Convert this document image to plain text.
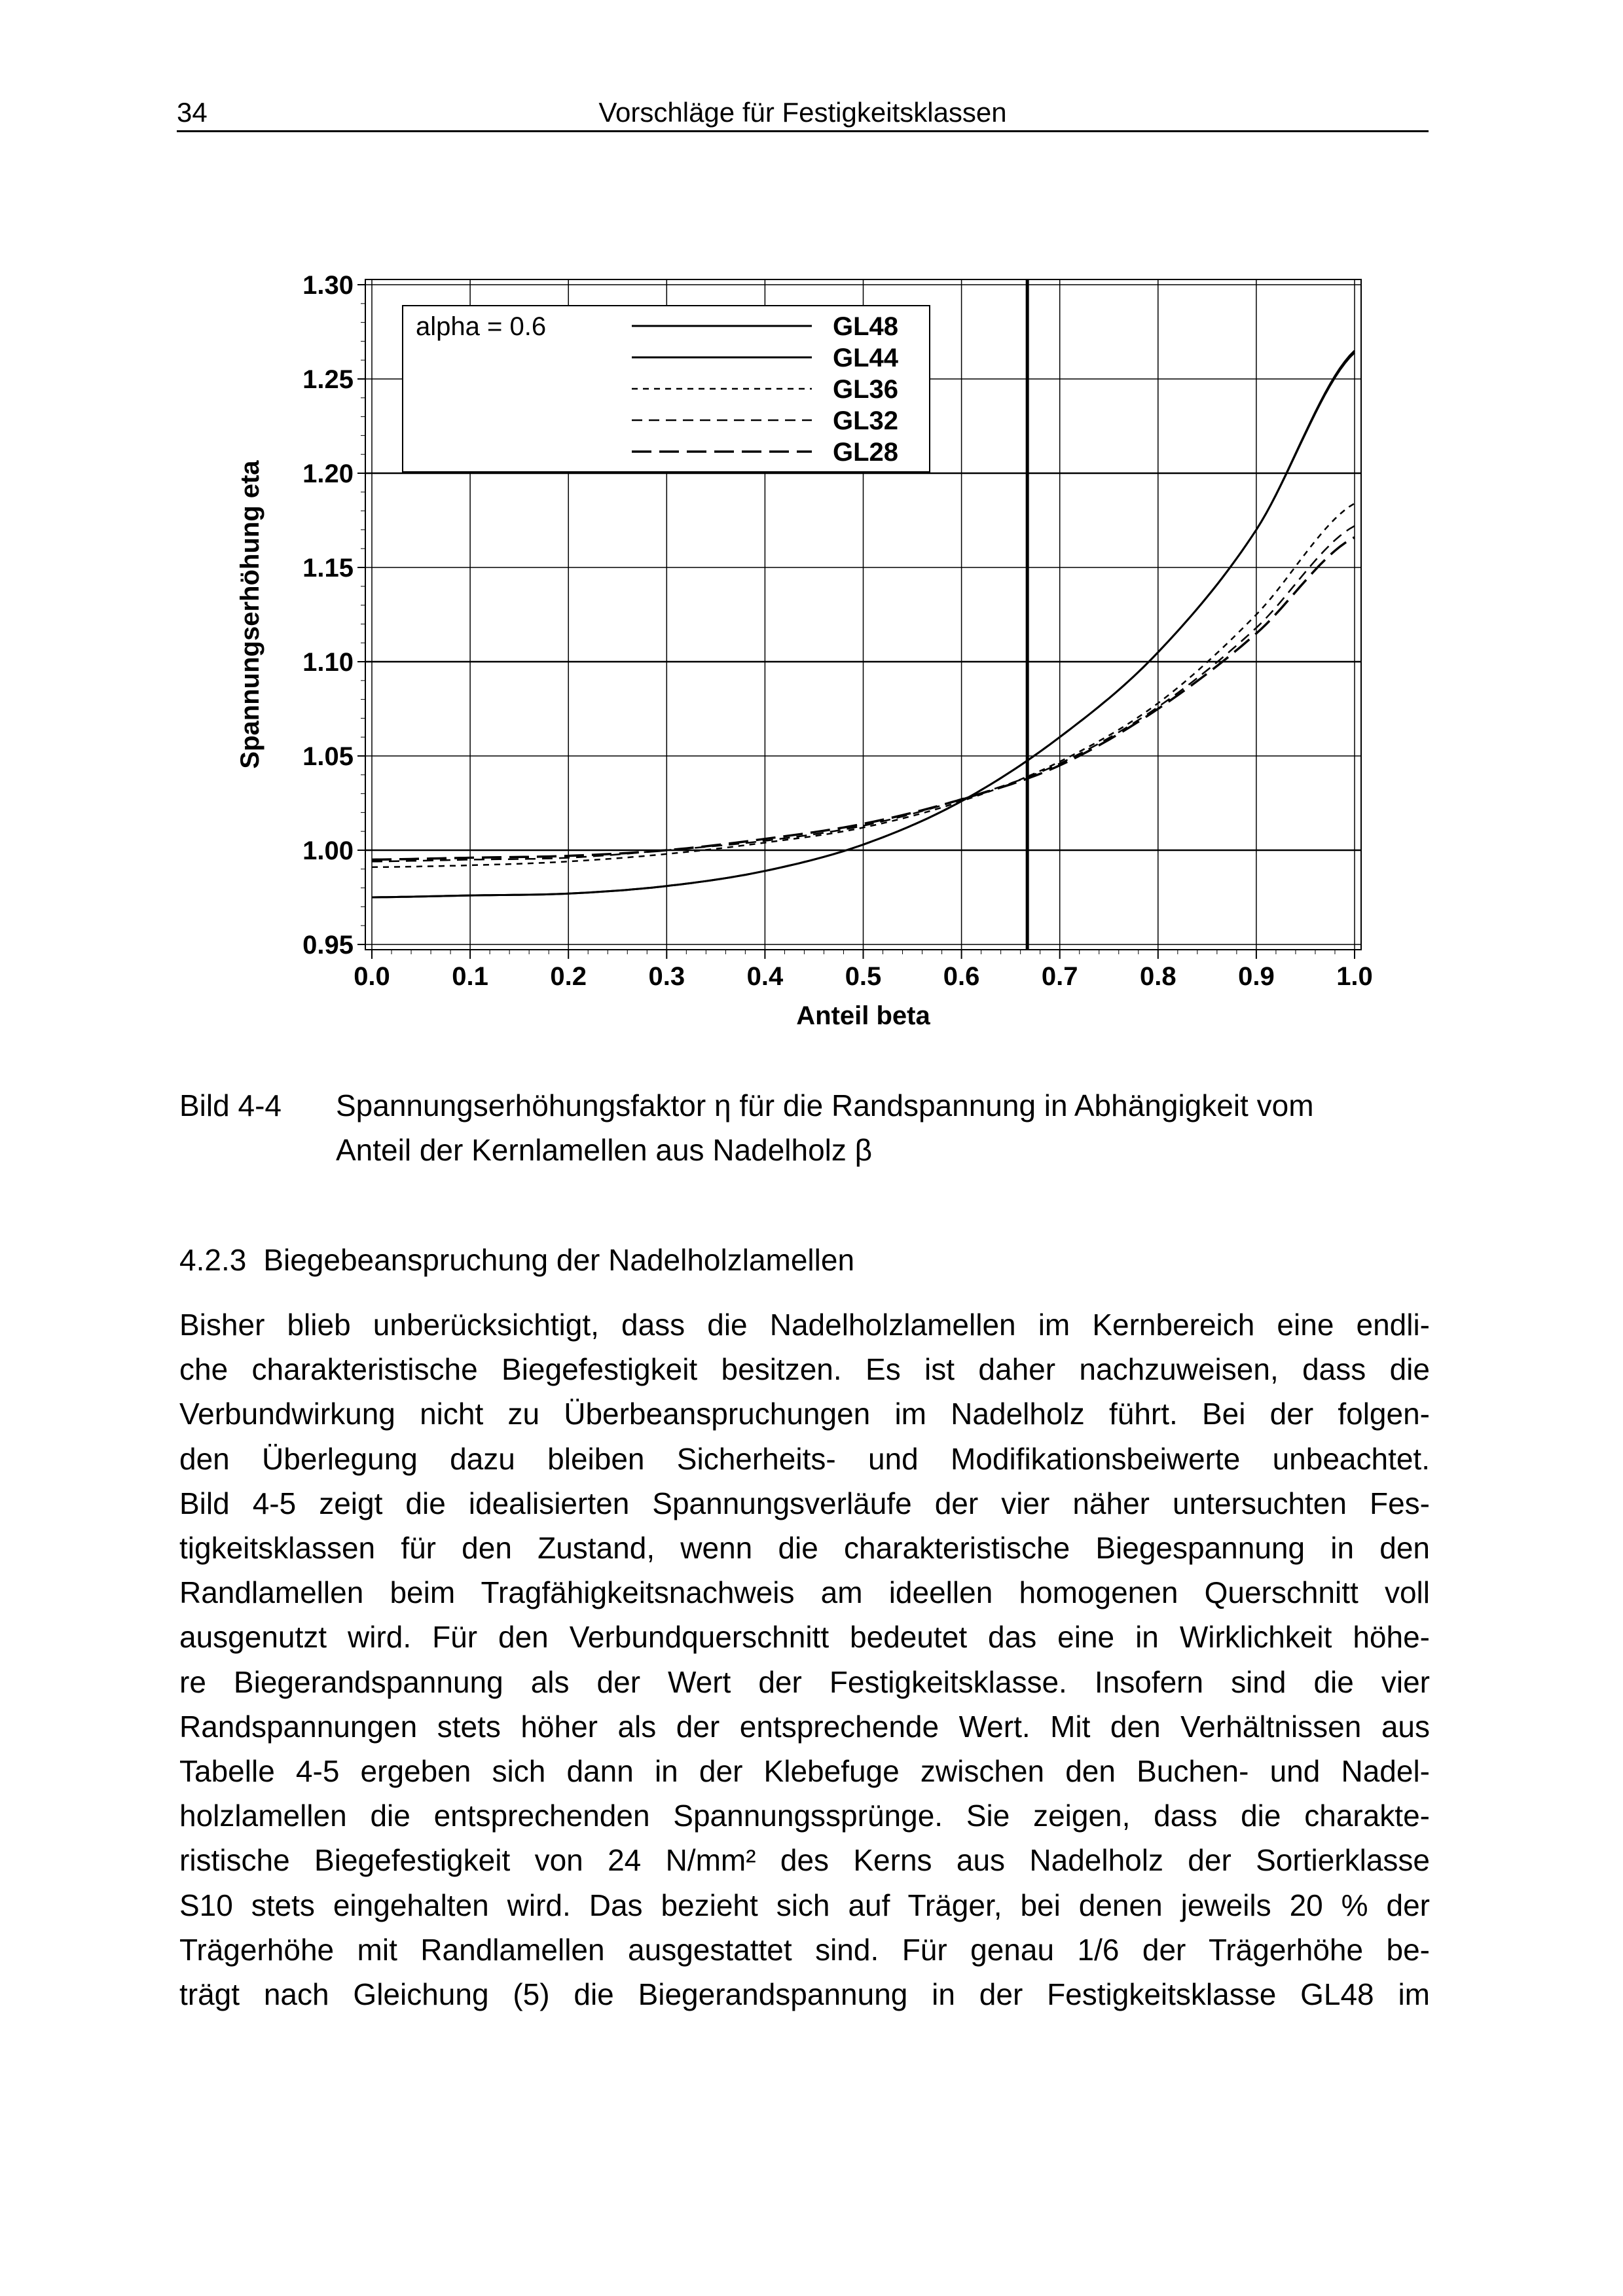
34	Vorschläge für Festigkeitsklassen
0.0 0.1 0.2 0.3 0.4 0.5 0.6 0.7 0.8 0.9 1.0
0.95
1.00
1.05
1.10
1.15
1.20
1.25
1.30
Anteil beta
Spannungserhöhung eta
alpha = 0.6	GL48
GL44
GL36
GL32
GL28
Bild 4-4 Spannungserhöhungsfaktor η für die Randspannung in Abhängigkeit vom
Anteil der Kernlamellen aus Nadelholz β
4.2.3 Biegebeanspruchung der Nadelholzlamellen
Bisher blieb unberücksichtigt, dass die Nadelholzlamellen im Kernbereich eine endli-
che charakteristische Biegefestigkeit besitzen. Es ist daher nachzuweisen, dass die
Verbundwirkung nicht zu Überbeanspruchungen im Nadelholz führt. Bei der folgen-
den Überlegung dazu bleiben Sicherheits- und Modifikationsbeiwerte unbeachtet.
Bild 4-5 zeigt die idealisierten Spannungsverläufe der vier näher untersuchten Fes-
tigkeitsklassen für den Zustand, wenn die charakteristische Biegespannung in den
Randlamellen beim Tragfähigkeitsnachweis am ideellen homogenen Querschnitt voll
ausgenutzt wird. Für den Verbundquerschnitt bedeutet das eine in Wirklichkeit höhe-
re Biegerandspannung als der Wert der Festigkeitsklasse. Insofern sind die vier
Randspannungen stets höher als der entsprechende Wert. Mit den Verhältnissen aus
Tabelle 4-5 ergeben sich dann in der Klebefuge zwischen den Buchen- und Nadel-
holzlamellen die entsprechenden Spannungssprünge. Sie zeigen, dass die charakte-
ristische Biegefestigkeit von 24 N/mm² des Kerns aus Nadelholz der Sortierklasse
S10 stets eingehalten wird. Das bezieht sich auf Träger, bei denen jeweils 20 % der
Trägerhöhe mit Randlamellen ausgestattet sind. Für genau 1/6 der Trägerhöhe be-
trägt nach Gleichung (5) die Biegerandspannung in der Festigkeitsklasse GL48 im
